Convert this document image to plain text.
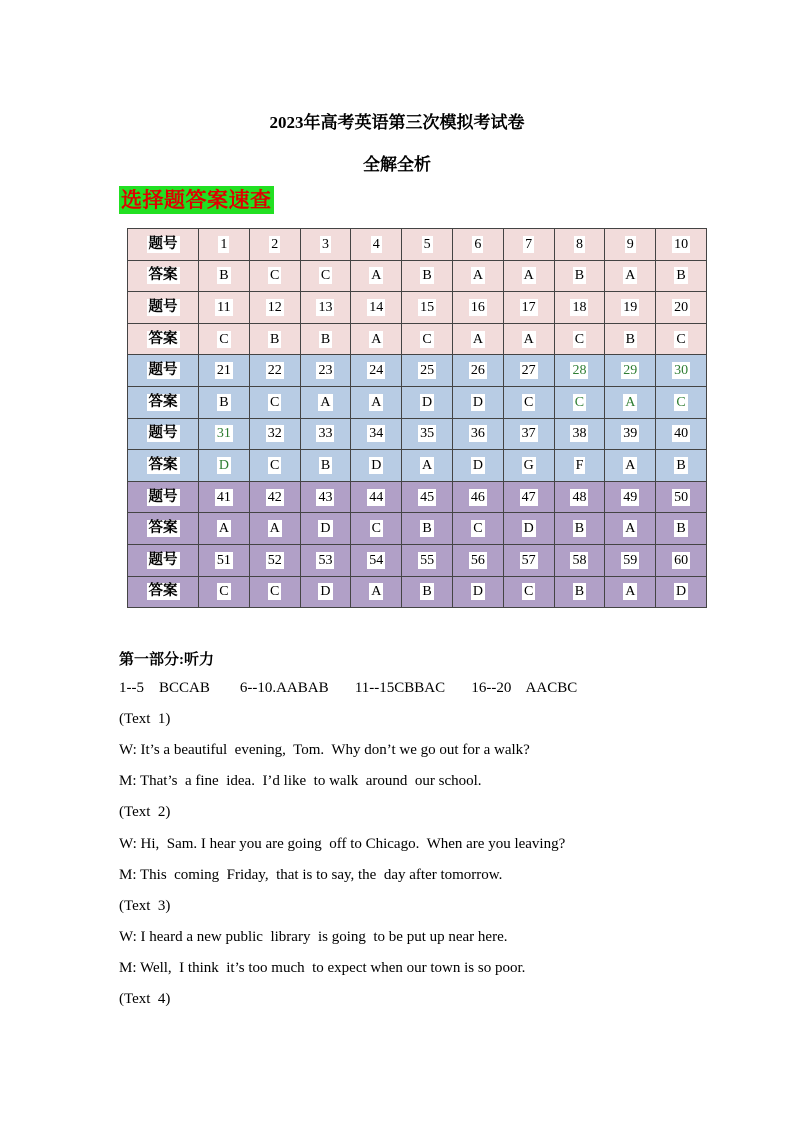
2023年高考英语第三次模拟考试卷
全解全析
选择题答案速查
题号	1	2	3	4	5	6	7	8	9	10
答案	B	C	C	A	B	A	A	B	A	B
题号	11	12	13	14	15	16	17	18	19	20
答案	C	B	B	A	C	A	A	C	B	C
题号	21	22	23	24	25	26	27	28	29	30
答案	B	C	A	A	D	D	C	C	A	C
题号	31	32	33	34	35	36	37	38	39	40
答案	D	C	B	D	A	D	G	F	A	B
题号	41	42	43	44	45	46	47	48	49	50
答案	A	A	D	C	B	C	D	B	A	B
题号	51	52	53	54	55	56	57	58	59	60
答案	C	C	D	A	B	D	C	B	A	D
第一部分:听力
1--5    BCCAB        6--10.AABAB       11--15CBBAC       16--20    AACBC
(Text  1)
W: It’s a beautiful  evening,  Tom.  Why don’t we go out for a walk?
M: That’s  a fine  idea.  I’d like  to walk  around  our school.
(Text  2)
W: Hi,  Sam. I hear you are going  off to Chicago.  When are you leaving?
M: This  coming  Friday,  that is to say, the  day after tomorrow.
(Text  3)
W: I heard a new public  library  is going  to be put up near here.
M: Well,  I think  it’s too much  to expect when our town is so poor.
(Text  4)
